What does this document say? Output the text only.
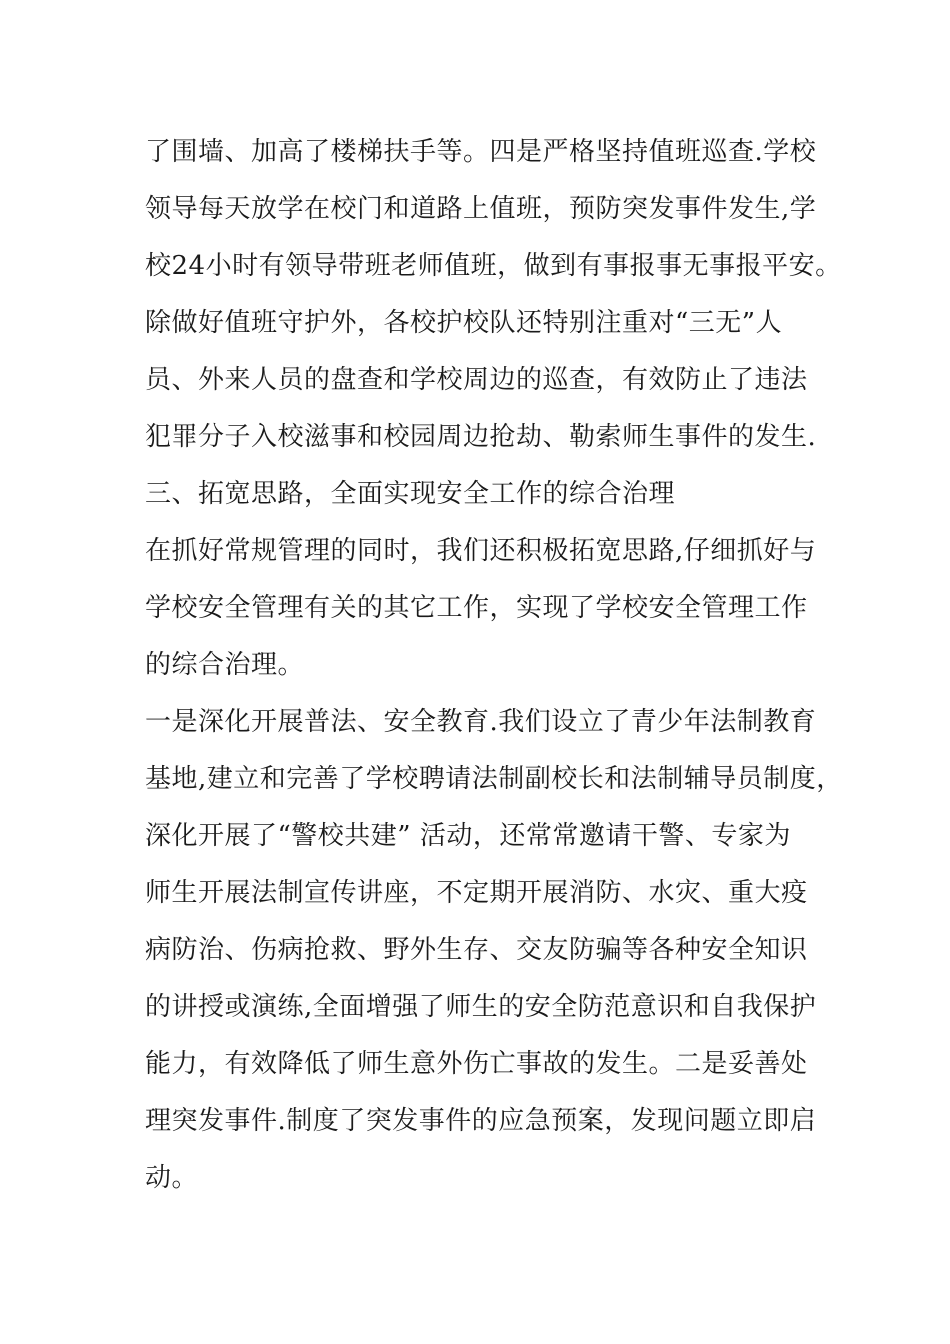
了围墙、加高了楼梯扶手等。四是严格坚持值班巡查.学校
领导每天放学在校门和道路上值班，预防突发事件发生,学
校24小时有领导带班老师值班，做到有事报事无事报平安。
除做好值班守护外，各校护校队还特别注重对“三无”人
员、外来人员的盘查和学校周边的巡查，有效防止了违法
犯罪分子入校滋事和校园周边抢劫、勒索师生事件的发生.
三、拓宽思路，全面实现安全工作的综合治理
在抓好常规管理的同时，我们还积极拓宽思路,仔细抓好与
学校安全管理有关的其它工作，实现了学校安全管理工作
的综合治理。
一是深化开展普法、安全教育.我们设立了青少年法制教育
基地,建立和完善了学校聘请法制副校长和法制辅导员制度，
深化开展了“警校共建” 活动，还常常邀请干警、专家为
师生开展法制宣传讲座，不定期开展消防、水灾、重大疫
病防治、伤病抢救、野外生存、交友防骗等各种安全知识
的讲授或演练,全面增强了师生的安全防范意识和自我保护
能力，有效降低了师生意外伤亡事故的发生。二是妥善处
理突发事件.制度了突发事件的应急预案，发现问题立即启
动。
